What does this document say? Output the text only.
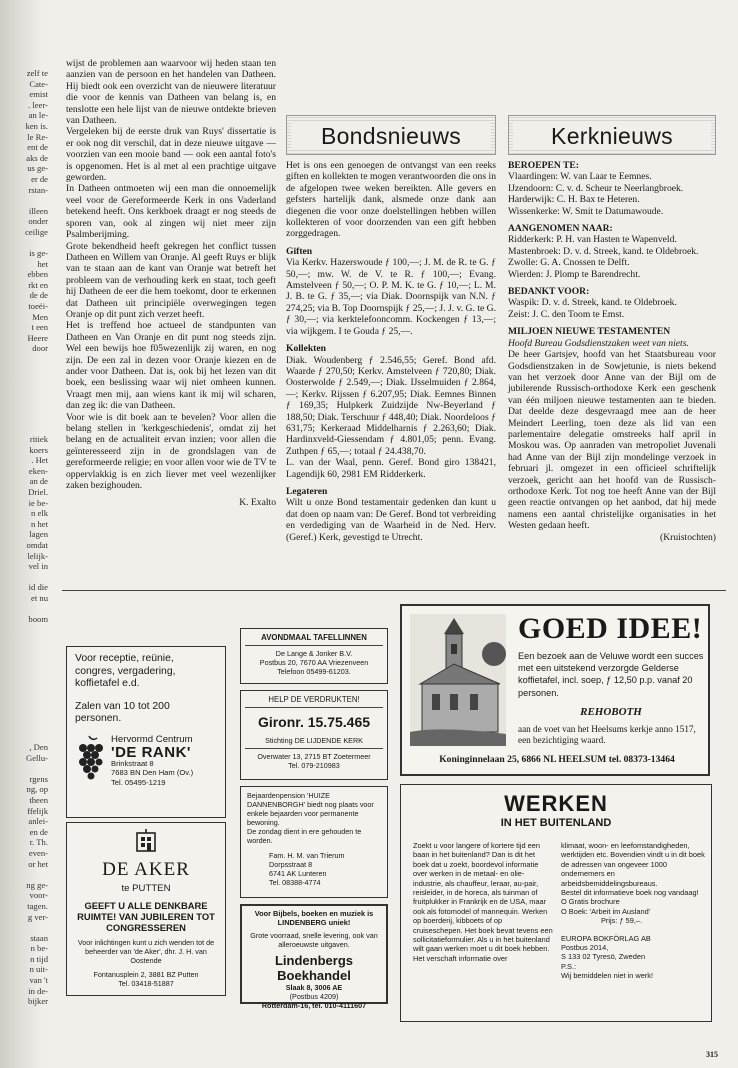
zelf te

Cate-

emist

. leer-

an le-

ken is.

le Re-

ent de

aks de

us ge-

er de

rstan-

illeen

onder

ceilige

is ge-

het

ebben

rkt en

de de

toeëi-

Men

t een

Heere

door

ritiek

koers

. Het

eken-

an de

Driel.

ie be-

n elk

n het

lagen

omdat

lelijk-

vel in

id die

et nu

boom

, Den

Gellu-

rgens

ng, op

theen

ffelijk

anlei-

en de

r. Th.

even-

or het

ng ge-

voor-

tagen.

g ver-

staan

n be-

n tijd

n uit-

van 't

in de-

bijker

wijst de problemen aan waarvoor wij heden staan ten aanzien van de persoon en het handelen van Datheen. Hij biedt ook een overzicht van de nieuwere literatuur die voor de kennis van Datheen van belang is, en tenslotte een hele lijst van de nieuwe ontdekte brieven van Datheen.

Vergeleken bij de eerste druk van Ruys' dissertatie is er ook nog dit verschil, dat in deze nieuwe uitgave — voorzien van een mooie band — ook een aantal foto's is opgenomen. Het is al met al een prachtige uitgave geworden.

In Datheen ontmoeten wij een man die onnoemelijk veel voor de Gereformeerde Kerk in ons Vaderland betekend heeft. Ons kerkboek draagt er nog steeds de sporen van, ook al zingen wij niet meer zijn Psalmberijming.

Grote bekendheid heeft gekregen het conflict tussen Datheen en Willem van Oranje. Al geeft Ruys er blijk van te staan aan de kant van Oranje wat betreft het probleem van de verhouding kerk en staat, toch geeft hij Datheen de eer die hem toekomt, door te erkennen dat Datheen uit principiële overwegingen tegen Oranje op dit punt zich verzet heeft.

Het is treffend hoe actueel de standpunten van Datheen en Van Oranje en dit punt nog steeds zijn. Wel een bewijs hoe f05wezenlijk zij waren, en nog zijn. De een zal in dezen voor Oranje kiezen en de ander voor Datheen. Dat is, ook bij het lezen van dit boek, een beslissing waar wij niet omheen kunnen. Vraagt men mij, aan wiens kant ik mij wil scharen, dan zeg ik: die van Datheen.

Voor wie is dit boek aan te bevelen? Voor allen die belang stellen in 'kerkgeschiedenis', omdat zij het belang en de actualiteit ervan inzien; voor allen die geïnteresseerd zijn in de grondslagen van de gereformeerde religie; en voor allen voor wie de TV te oppervlakkig is en zich liever met veel wezenlijker zaken bezighouden.

K. Exalto

Bondsnieuws

Het is ons een genoegen de ontvangst van een reeks giften en kollekten te mogen verantwoorden die ons in de afgelopen twee weken bereikten. Alle gevers en gefsters hartelijk dank, alsmede onze dank aan diegenen die voor onze doelstellingen hebben willen kollekteren of voor doorzenden van een gift hebben zorggedragen.

Giften

Via Kerkv. Hazerswoude ƒ 100,—; J. M. de R. te G. ƒ 50,—; mw. W. de V. te R. ƒ 100,—; Evang. Amstelveen ƒ 50,—; O. P. M. K. te G. ƒ 10,—; L. M. J. B. te G. ƒ 35,—; via Diak. Doornspijk van N.N. ƒ 274,25; via B. Top Doornspijk ƒ 25,—; J. J. v. G. te G. ƒ 30,—; via kerktelefooncomm. Kockengen ƒ 13,—; via wijkgem. I te Gouda ƒ 25,—.

Kollekten

Diak. Woudenberg ƒ 2.546,55; Geref. Bond afd. Waarde ƒ 270,50; Kerkv. Amstelveen ƒ 720,80; Diak. Oosterwolde ƒ 2.549,—; Diak. IJsselmuiden ƒ 2.864,—; Kerkv. Rijssen ƒ 6.207,95; Diak. Eemnes Binnen ƒ 169,35; Hulpkerk Zuidzijde Nw-Beyerland ƒ 188,50; Diak. Terschuur ƒ 448,40; Diak. Noordeloos ƒ 631,75; Kerkeraad Middelharnis ƒ 2.263,60; Diak. Hardinxveld-Giessendam ƒ 4.801,05; penn. Evang. Zuthpen ƒ 65,—; totaal ƒ 24.438,70.

L. van der Waal, penn. Geref. Bond giro 138421, Lagendijk 60, 2981 EM Ridderkerk.

Legateren

Wilt u onze Bond testamentair gedenken dan kunt u dat doen op naam van: De Geref. Bond tot verbreiding en verdediging van de Waarheid in de Ned. Herv. (Geref.) Kerk, gevestigd te Utrecht.

Kerknieuws
BEROEPEN TE:

Vlaardingen: W. van Laar te Eemnes.

IJzendoorn: C. v. d. Scheur te Neerlangbroek.

Harderwijk: C. H. Bax te Heteren.

Wissenkerke: W. Smit te Datumawoude.

AANGENOMEN NAAR:

Ridderkerk: P. H. van Hasten te Wapenveld.

Mastenbroek: D. v. d. Streek, kand. te Oldebroek.

Zwolle: G. A. Cnossen te Delft.

Wierden: J. Plomp te Barendrecht.

BEDANKT VOOR:

Waspik: D. v. d. Streek, kand. te Oldebroek.

Zeist: J. C. den Toom te Emst.

MILJOEN NIEUWE TESTAMENTEN

Hoofd Bureau Godsdienstzaken weet van niets.

De heer Gartsjev, hoofd van het Staatsbureau voor Godsdienstzaken in de Sowjetunie, is niets bekend van het verzoek door Anne van der Bijl om de jubilerende Russisch-orthodoxe Kerk een geschenk van één miljoen nieuwe testamenten aan te bieden. Dat deelde deze desgevraagd mee aan de heer Meindert Leerling, toen deze als lid van een parlementaire delegatie omstreeks half april in Moskou was. Op aanraden van metropoliet Juvenali had Anne van der Bijl zijn mondelinge verzoek in februari jl. omgezet in een officieel schriftelijk verzoek, gericht aan het hoofd van de Russisch-orthodoxe Kerk. Tot nog toe heeft Anne van der Bijl geen reactie ontvangen op het aanbod, dat hij mede namens een aantal christelijke organisaties in het Westen gedaan heeft.

(Kruistochten)

Voor receptie, reünie,
congres, vergadering,
koffietafel e.d.
Zalen van 10 tot 200 personen.
Hervormd Centrum
'DE RANK'
Brinkstraat 8
7683 BN Den Ham (Ov.)
Tel. 05495-1219
DE AKER
te PUTTEN
GEEFT U ALLE DENKBARE RUIMTE! VAN JUBILEREN TOT CONGRESSEREN
Voor inlichtingen kunt u zich wenden tot de beheerder van 'de Aker', dhr. J. H. van Oostende
Fontanusplein 2, 3881 BZ Putten
Tel. 03418-51887
AVONDMAAL TAFELLINNEN
De Lange & Jonker B.V.
Postbus 20, 7670 AA Vriezenveen
Telefoon 05499-61203.
HELP DE VERDRUKTEN!
Gironr. 15.75.465
Stichting DE LIJDENDE KERK
Overwater 13, 2715 BT Zoetermeer
Tel. 079-210983
Bejaardenpension 'HUIZE DANNENBORGH' biedt nog plaats voor enkele bejaarden voor permanente bewoning.
De zondag dient in ere gehouden te worden.
Fam. H. M. van Trierum
Dorpsstraat 8
6741 AK Lunteren
Tel. 08388-4774
Voor Bijbels, boeken en muziek is LINDENBERG uniek!
Grote voorraad, snelle levering, ook van alleroeuwste uitgaven.
Lindenbergs
Boekhandel
Slaak 8, 3006 AE
(Postbus 4209)
Rotterdam-16, tel. 010-4111607
GOED IDEE!
Een bezoek aan de Veluwe wordt een succes met een uitstekend verzorgde Gelderse koffietafel, incl. soep, ƒ 12,50 p.p. vanaf 20 personen.
REHOBOTH
aan de voet van het Heelsums kerkje anno 1517, een bezichtiging waard.
Koninginnelaan 25, 6866 NL HEELSUM tel. 08373-13464
WERKEN
IN HET BUITENLAND
Zoekt u voor langere of kortere tijd een baan in het buitenland? Dan is dit het boek dat u zoekt, boordevol informatie over werken in de metaal- en olie-industrie, als chauffeur, leraar, au-pair, reisleider, in de horeca, als tuinman of fruitplukker in Frankrijk en de USA, maar ook als fotomodel of mannequin. Werken op boerderij, kibboets of op cruiseschepen. Het boek bevat tevens een sollicitatieformulier. Als u in het buitenland wilt gaan werken moet u dit boek hebben. Het verschaft informatie over
klimaat, woon- en leefomstandigheden, werktijden etc. Bovendien vindt u in dit boek de adressen van ongeveer 1000 ondernemers en arbeidsbemiddelingsbureaus.
Bestel dit informatieve boek nog vandaag!
O Gratis brochure
O Boek: 'Arbeit im Ausland'
Prijs: ƒ 59,–.
EUROPA BOKFÖRLAG AB
Postbus 2014,
S 133 02 Tyresö, Zweden
P.S.:
Wij bemiddelen niet in werk!
315
